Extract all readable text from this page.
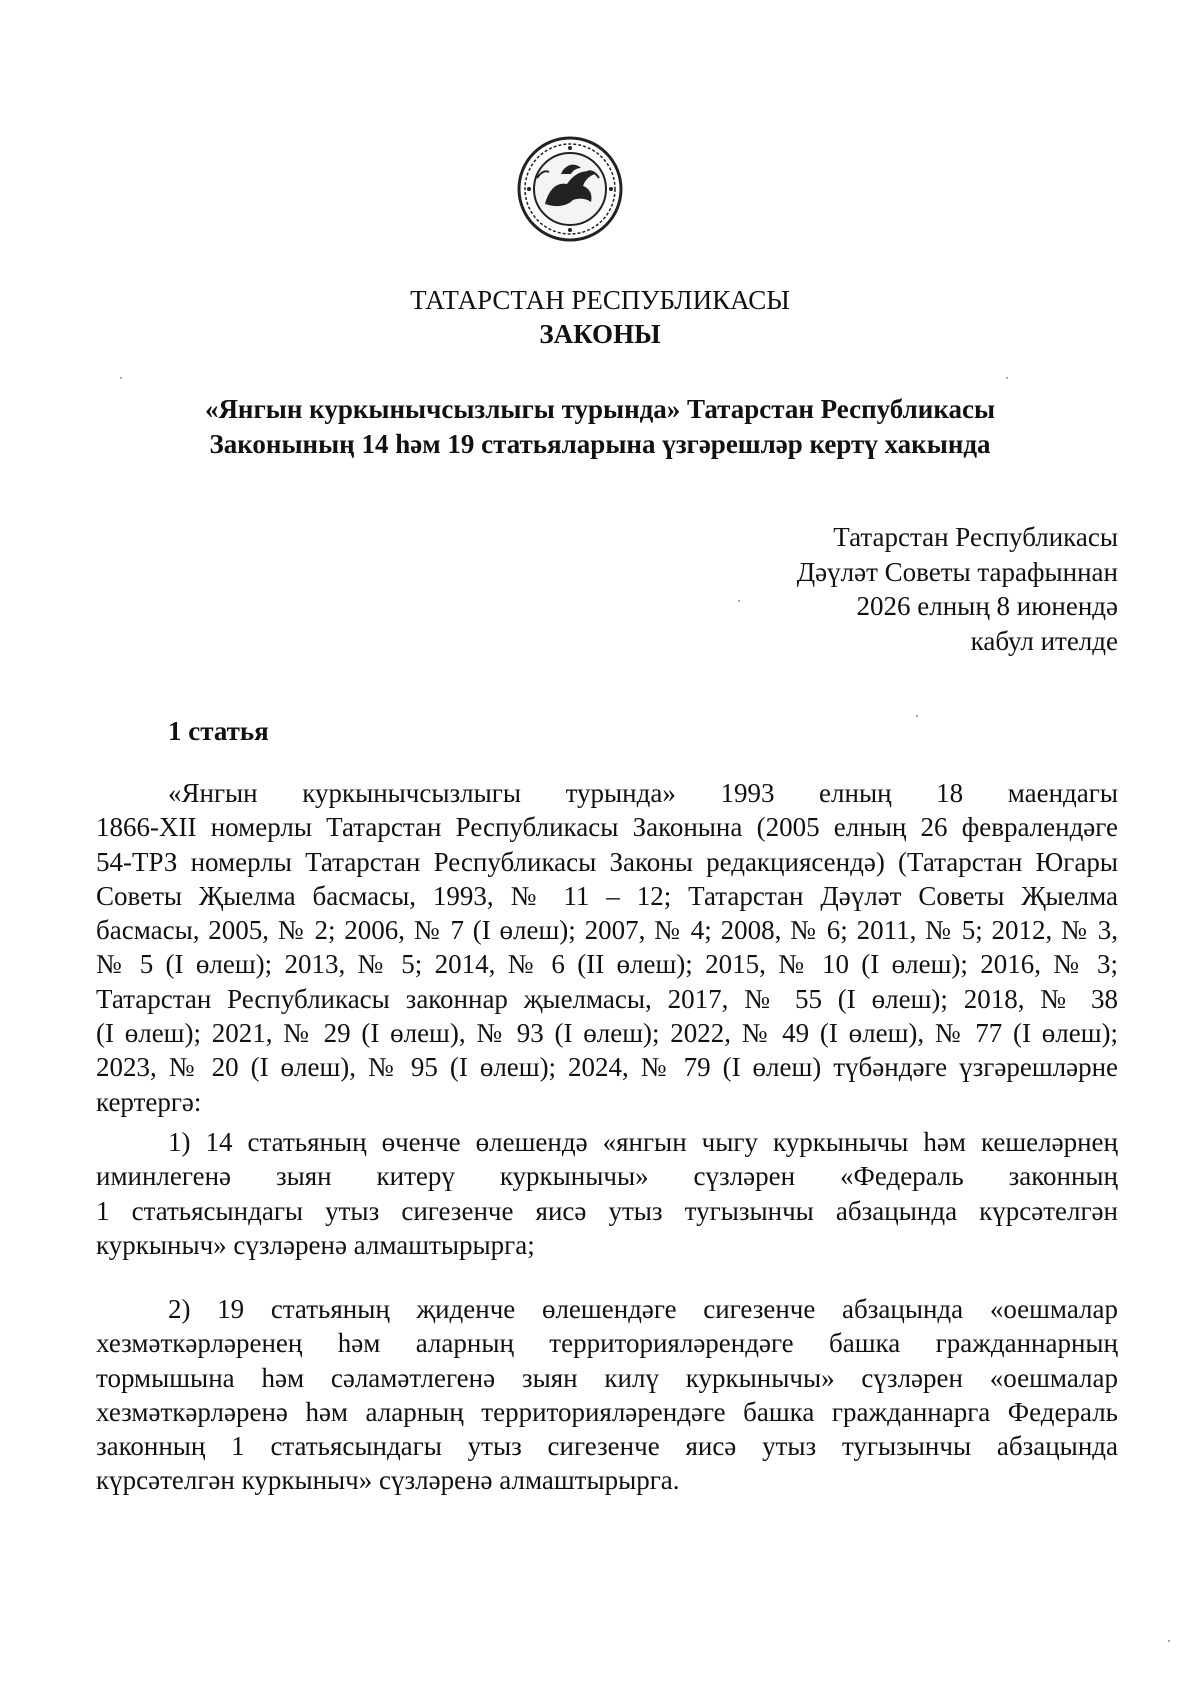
ТАТАРСТАН РЕСПУБЛИКАСЫ
ЗАКОНЫ
«Янгын куркынычсызлыгы турында» Татарстан Республикасы
Законының 14 һәм 19 статьяларына үзгәрешләр кертү хакында
Татарстан Республикасы
Дәүләт Советы тарафыннан
2026 елның 8 июнендә
кабул ителде
1 статья
«Янгын куркынычсызлыгы турында» 1993 елның 18 маендагы
1866-XII номерлы Татарстан Республикасы Законына (2005 елның 26 февралендәге
54-ТРЗ номерлы Татарстан Республикасы Законы редакциясендә) (Татарстан Югары
Советы Җыелма басмасы, 1993, № 11 – 12; Татарстан Дәүләт Советы Җыелма
басмасы, 2005, № 2; 2006, № 7 (I өлеш); 2007, № 4; 2008, № 6; 2011, № 5; 2012, № 3,
№ 5 (I өлеш); 2013, № 5; 2014, № 6 (II өлеш); 2015, № 10 (I өлеш); 2016, № 3;
Татарстан Республикасы законнар җыелмасы, 2017, № 55 (I өлеш); 2018, № 38
(I өлеш); 2021, № 29 (I өлеш), № 93 (I өлеш); 2022, № 49 (I өлеш), № 77 (I өлеш);
2023, № 20 (I өлеш), № 95 (I өлеш); 2024, № 79 (I өлеш) түбәндәге үзгәрешләрне
кертергә:
1) 14 статьяның өченче өлешендә «янгын чыгу куркынычы һәм кешеләрнең
иминлегенә зыян китерү куркынычы» сүзләрен «Федераль законның
1 статьясындагы утыз сигезенче яисә утыз тугызынчы абзацында күрсәтелгән
куркыныч» сүзләренә алмаштырырга;
2) 19 статьяның җиденче өлешендәге сигезенче абзацында «оешмалар
хезмәткәрләренең һәм аларның территорияләрендәге башка гражданнарның
тормышына һәм сәламәтлегенә зыян килү куркынычы» сүзләрен «оешмалар
хезмәткәрләренә һәм аларның территорияләрендәге башка гражданнарга Федераль
законның 1 статьясындагы утыз сигезенче яисә утыз тугызынчы абзацында
күрсәтелгән куркыныч» сүзләренә алмаштырырга.
